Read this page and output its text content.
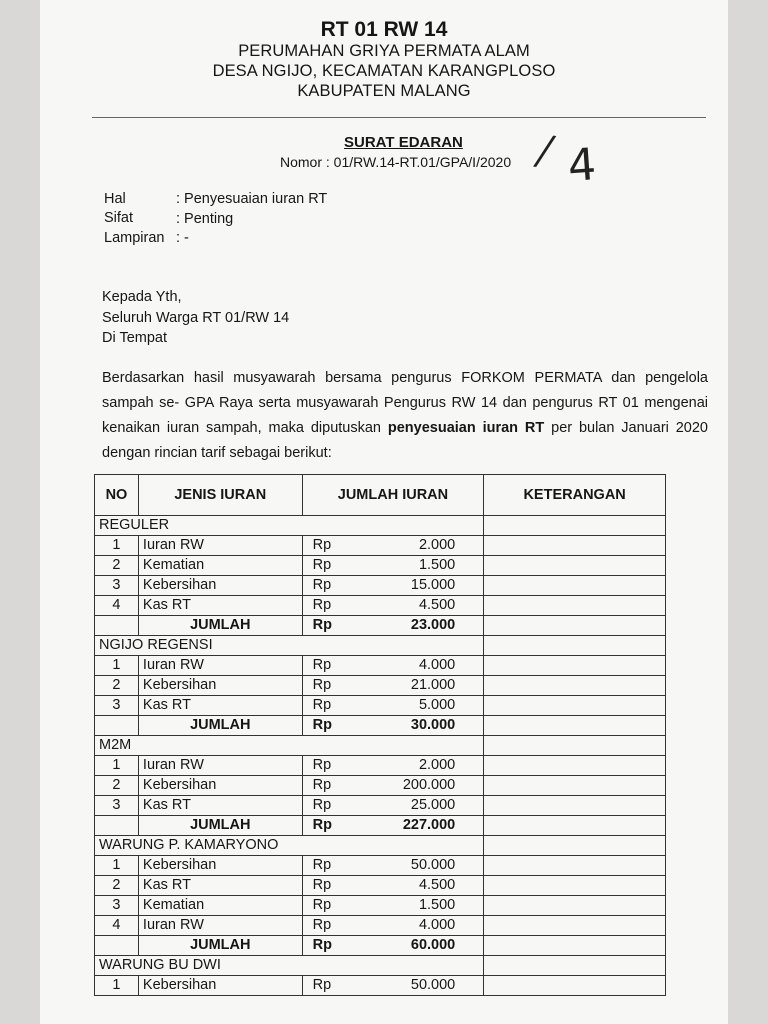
RT 01 RW 14
PERUMAHAN GRIYA PERMATA ALAM
DESA NGIJO, KECAMATAN KARANGPLOSO
KABUPATEN MALANG
SURAT EDARAN
Nomor : 01/RW.14-RT.01/GPA/I/2020 / 4
Hal	: Penyesuaian iuran RT
Sifat	: Penting
Lampiran : -
Kepada Yth,
Seluruh Warga RT 01/RW 14
Di Tempat

Berdasarkan hasil musyawarah bersama pengurus FORKOM PERMATA dan pengelola sampah se- GPA Raya serta musyawarah Pengurus RW 14 dan pengurus RT 01 mengenai kenaikan iuran sampah, maka diputuskan penyesuaian iuran RT per bulan Januari 2020 dengan rincian tarif sebagai berikut:

NO	JENIS IURAN	JUMLAH IURAN	KETERANGAN
REGULER			
1	Iuran RW	Rp 2.000	

2	Kematian	Rp 1.500	

3	Kebersihan	Rp 15.000	

4	Kas RT	Rp 4.500	

	JUMLAH	Rp 23.000	

NGIJO REGENSI			
1	Iuran RW	Rp 4.000	

2	Kebersihan	Rp 21.000	

3	Kas RT	Rp 5.000	

	JUMLAH	Rp 30.000	

M2M			
1	Iuran RW	Rp 2.000	

2	Kebersihan	Rp 200.000	

3	Kas RT	Rp 25.000	

	JUMLAH	Rp 227.000	

WARUNG P. KAMARYONO			
1	Kebersihan	Rp 50.000	

2	Kas RT	Rp 4.500	

3	Kematian	Rp 1.500	

4	Iuran RW	Rp 4.000	

	JUMLAH	Rp 60.000	

WARUNG BU DWI			
1	Kebersihan	Rp 50.000	
